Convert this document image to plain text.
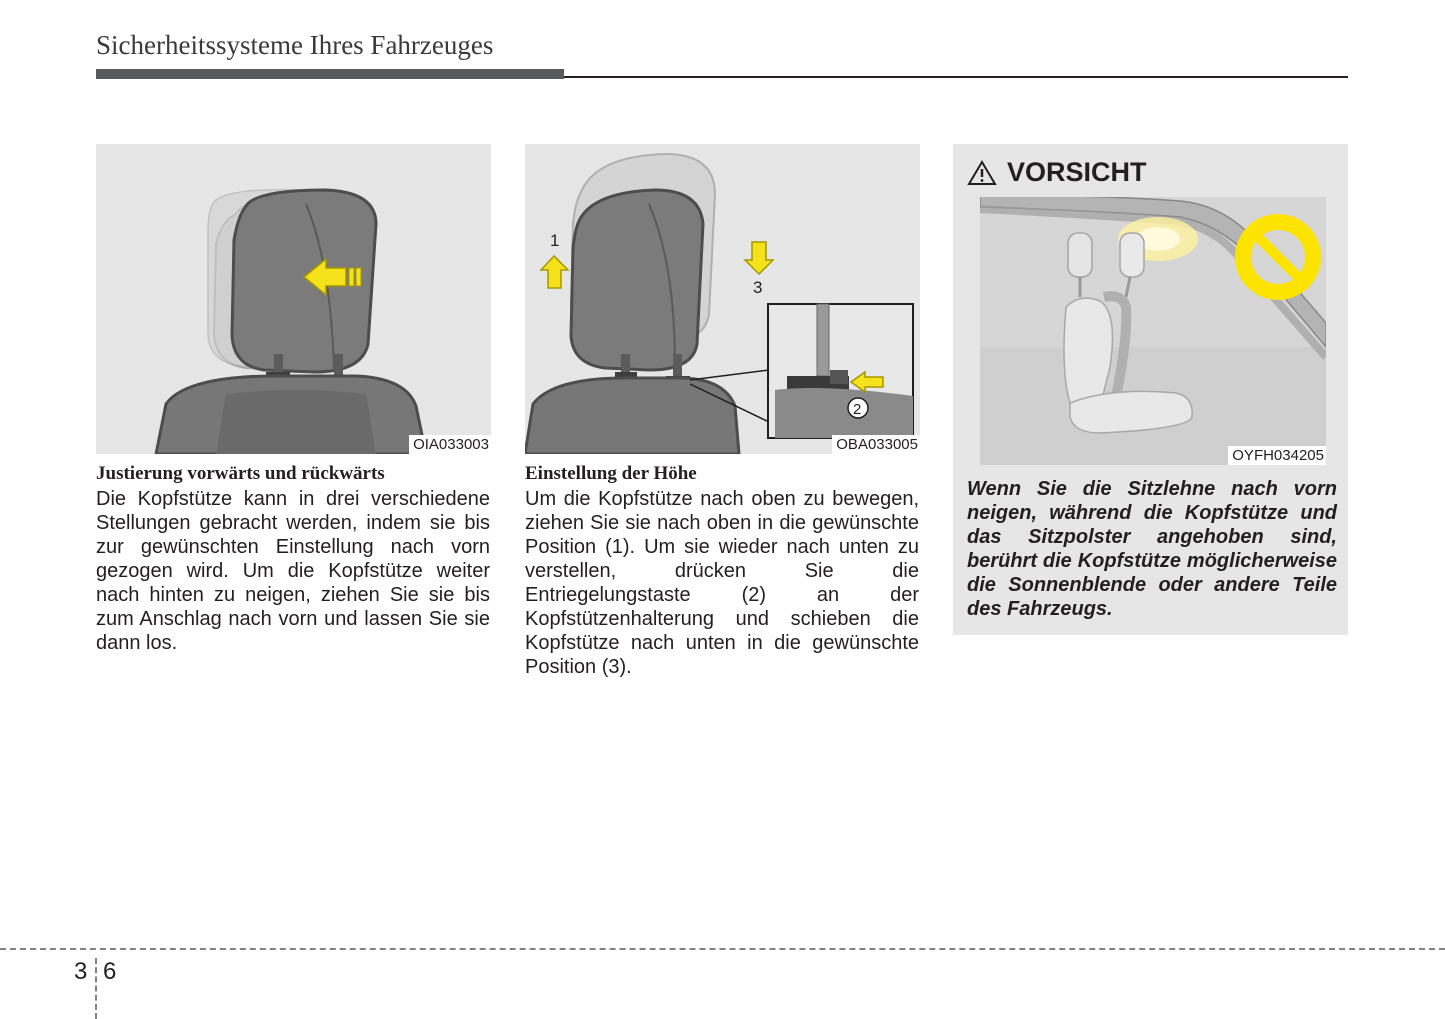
Sicherheitssysteme Ihres Fahrzeuges
OIA033003
Justierung vorwärts und rückwärts

Die Kopfstütze kann in drei verschiedene Stellungen gebracht werden, indem sie bis zur gewünschten Einstellung nach vorn gezogen wird. Um die Kopfstütze weiter nach hinten zu neigen, ziehen Sie sie bis zum Anschlag nach vorn und lassen Sie sie dann los.

1
3
2
OBA033005
Einstellung der Höhe

Um die Kopfstütze nach oben zu bewegen, ziehen Sie sie nach oben in die gewünschte Position (1). Um sie wieder nach unten zu verstellen, drücken Sie die Entriegelungstaste (2) an der Kopfstützenhalterung und schieben die Kopfstütze nach unten in die gewünschte Position (3).

VORSICHT
OYFH034205

Wenn Sie die Sitzlehne nach vorn neigen, während die Kopfstütze und das Sitzpolster angehoben sind, berührt die Kopfstütze möglicherweise die Sonnenblende oder andere Teile des Fahrzeugs.

3 6
